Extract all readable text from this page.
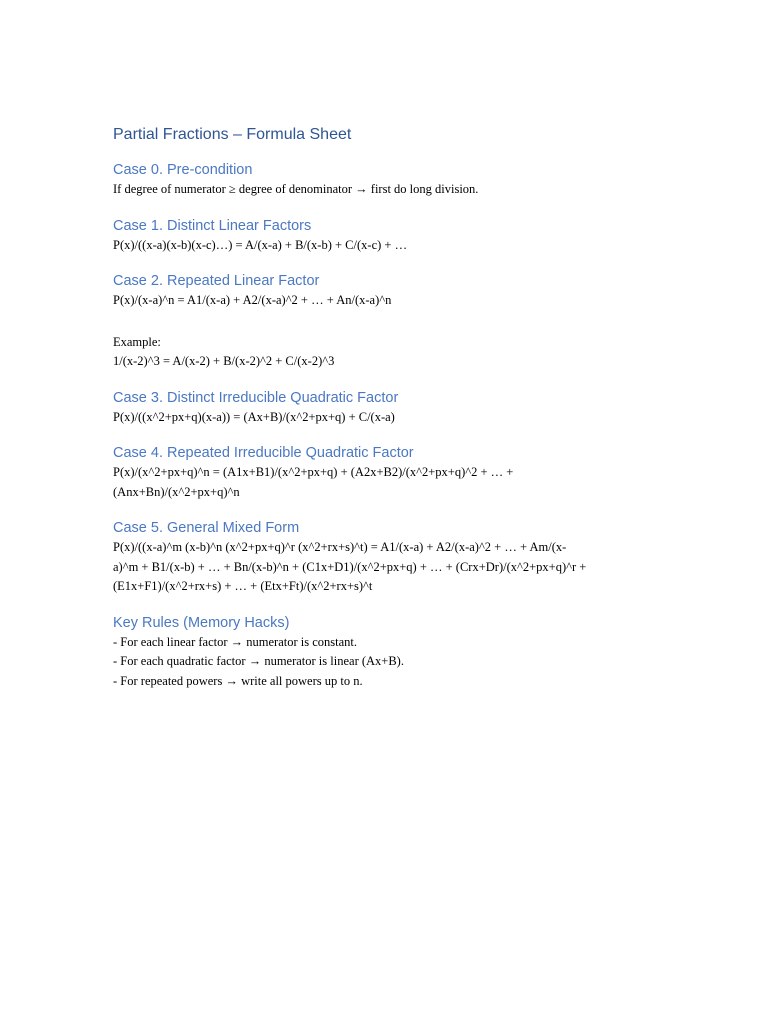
Partial Fractions – Formula Sheet
Case 0. Pre-condition

If degree of numerator ≥ degree of denominator → first do long division.

Case 1. Distinct Linear Factors

P(x)/((x-a)(x-b)(x-c)…) = A/(x-a) + B/(x-b) + C/(x-c) + …

Case 2. Repeated Linear Factor

P(x)/(x-a)^n = A1/(x-a) + A2/(x-a)^2 + … + An/(x-a)^n

Example:

1/(x-2)^3 = A/(x-2) + B/(x-2)^2 + C/(x-2)^3

Case 3. Distinct Irreducible Quadratic Factor

P(x)/((x^2+px+q)(x-a)) = (Ax+B)/(x^2+px+q) + C/(x-a)

Case 4. Repeated Irreducible Quadratic Factor

P(x)/(x^2+px+q)^n = (A1x+B1)/(x^2+px+q) + (A2x+B2)/(x^2+px+q)^2 + … +

(Anx+Bn)/(x^2+px+q)^n

Case 5. General Mixed Form

P(x)/((x-a)^m (x-b)^n (x^2+px+q)^r (x^2+rx+s)^t) = A1/(x-a) + A2/(x-a)^2 + … + Am/(x-

a)^m + B1/(x-b) + … + Bn/(x-b)^n + (C1x+D1)/(x^2+px+q) + … + (Crx+Dr)/(x^2+px+q)^r +

(E1x+F1)/(x^2+rx+s) + … + (Etx+Ft)/(x^2+rx+s)^t

Key Rules (Memory Hacks)

- For each linear factor → numerator is constant.

- For each quadratic factor → numerator is linear (Ax+B).

- For repeated powers → write all powers up to n.
